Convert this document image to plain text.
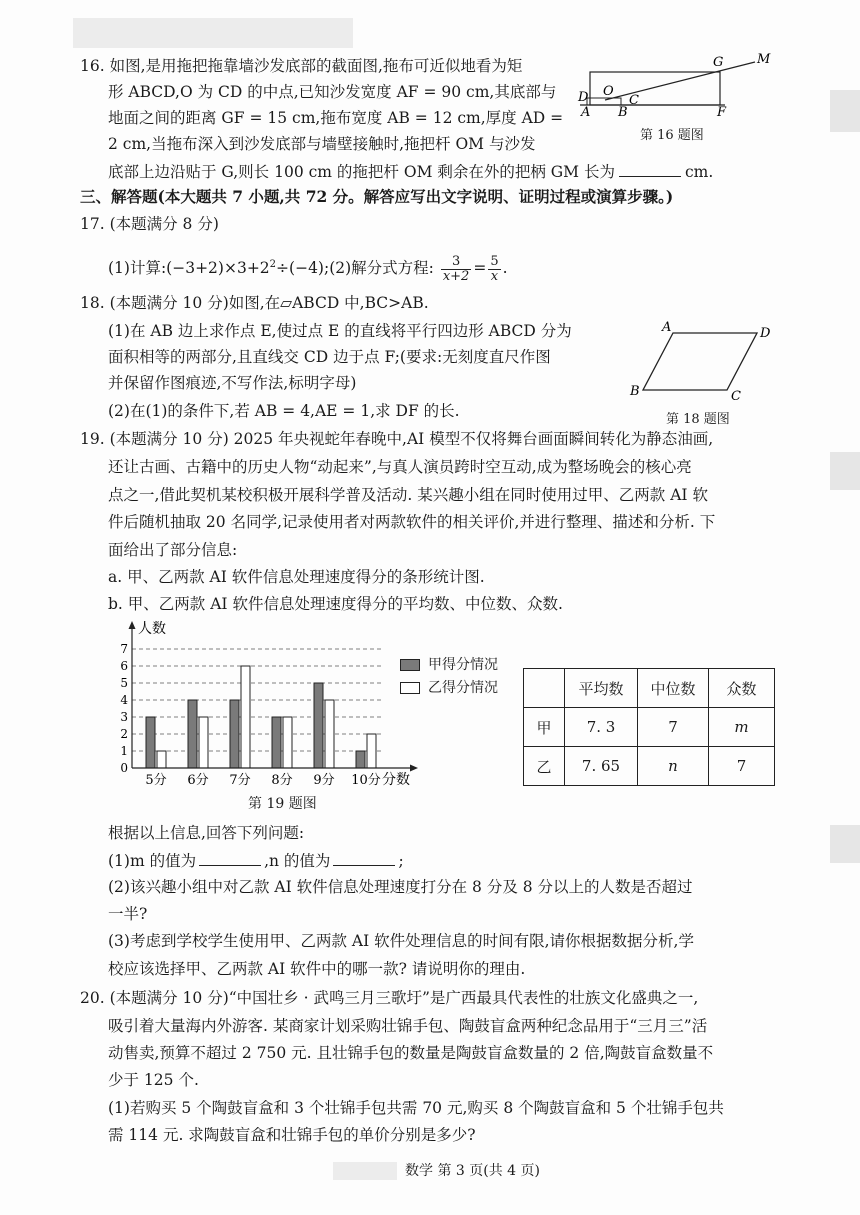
16. 如图,是用拖把拖靠墙沙发底部的截面图,拖布可近似地看为矩
形 ABCD,O 为 CD 的中点,已知沙发宽度 AF = 90 cm,其底部与
地面之间的距离 GF = 15 cm,拖布宽度 AB = 12 cm,厚度 AD =
2 cm,当拖布深入到沙发底部与墙壁接触时,拖把杆 OM 与沙发
底部上边沿贴于 G,则长 100 cm 的拖把杆 OM 剩余在外的把柄 GM 长为	cm.
G	M
D O
C
A B	F
第 16 题图
三、解答题(本大题共 7 小题,共 72 分。解答应写出文字说明、证明过程或演算步骤。)
17. (本题满分 8 分)
(1)计算$:(-3+2)\times 3+2^2\div(-4);(2)$解分式方程: $\frac{3}{x+2} = \frac{5}{x}$ .
18. (本题满分 10 分)如图,在▱ABCD 中,BC>AB.
(1)在 AB 边上求作点 E,使过点 E 的直线将平行四边形 ABCD 分为
面积相等的两部分,且直线交 CD 边于点 F;(要求:无刻度直尺作图
并保留作图痕迹,不写作法,标明字母)
(2)在(1)的条件下,若 AB = 4,AE = 1,求 DF 的长.
A	D
B	C
第 18 题图
19. (本题满分 10 分) 2025 年央视蛇年春晚中,AI 模型不仅将舞台画面瞬间转化为静态油画,
还让古画、古籍中的历史人物“动起来”,与真人演员跨时空互动,成为整场晚会的核心亮
点之一,借此契机某校积极开展科学普及活动. 某兴趣小组在同时使用过甲、乙两款 AI 软
件后随机抽取 20 名同学,记录使用者对两款软件的相关评价,并进行整理、描述和分析. 下
面给出了部分信息:
a. 甲、乙两款 AI 软件信息处理速度得分的条形统计图.
b. 甲、乙两款 AI 软件信息处理速度得分的平均数、中位数、众数.
0
1
2
3
4
5
6
7
5分 6分 7分 8分 9分 10分
人数
分数
甲得分情况
乙得分情况
第 19 题图
	平均数	中位数	众数
甲	7. 3	7	m
乙	7. 65	n	7
根据以上信息,回答下列问题:
(1)m 的值为	,n 的值为	;
(2)该兴趣小组中对乙款 AI 软件信息处理速度打分在 8 分及 8 分以上的人数是否超过
一半?
(3)考虑到学校学生使用甲、乙两款 AI 软件处理信息的时间有限,请你根据数据分析,学
校应该选择甲、乙两款 AI 软件中的哪一款? 请说明你的理由.
20. (本题满分 10 分)“中国壮乡 · 武鸣三月三歌圩”是广西最具代表性的壮族文化盛典之一,
吸引着大量海内外游客. 某商家计划采购壮锦手包、陶鼓盲盒两种纪念品用于“三月三”活
动售卖,预算不超过 2 750 元. 且壮锦手包的数量是陶鼓盲盒数量的 2 倍,陶鼓盲盒数量不
少于 125 个.
(1)若购买 5 个陶鼓盲盒和 3 个壮锦手包共需 70 元,购买 8 个陶鼓盲盒和 5 个壮锦手包共
需 114 元. 求陶鼓盲盒和壮锦手包的单价分别是多少?
数学 第 3 页(共 4 页)
